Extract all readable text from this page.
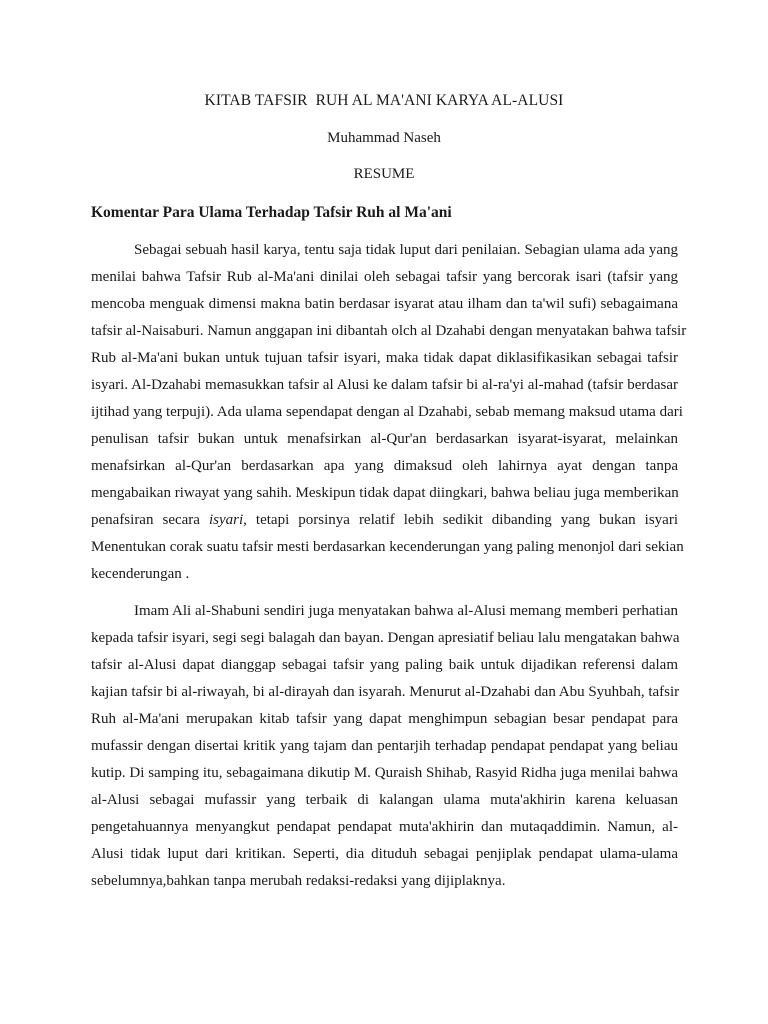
KITAB TAFSIR  RUH AL MA'ANI KARYA AL-ALUSI
Muhammad Naseh
RESUME
Komentar Para Ulama Terhadap Tafsir Ruh al Ma'ani
Sebagai sebuah hasil karya, tentu saja tidak luput dari penilaian. Sebagian ulama ada yang
menilai bahwa Tafsir Rub al-Ma'ani dinilai oleh sebagai tafsir yang bercorak isari (tafsir yang
mencoba menguak dimensi makna batin berdasar isyarat atau ilham dan ta'wil sufi) sebagaimana
tafsir al-Naisaburi. Namun anggapan ini dibantah olch al Dzahabi dengan menyatakan bahwa tafsir
Rub al-Ma'ani bukan untuk tujuan tafsir isyari, maka tidak dapat diklasifikasikan sebagai tafsir
isyari. Al-Dzahabi memasukkan tafsir al Alusi ke dalam tafsir bi al-ra'yi al-mahad (tafsir berdasar
ijtihad yang terpuji). Ada ulama sependapat dengan al Dzahabi, sebab memang maksud utama dari
penulisan tafsir bukan untuk menafsirkan al-Qur'an berdasarkan isyarat-isyarat, melainkan
menafsirkan al-Qur'an berdasarkan apa yang dimaksud oleh lahirnya ayat dengan tanpa
mengabaikan riwayat yang sahih. Meskipun tidak dapat diingkari, bahwa beliau juga memberikan
penafsiran secara isyari, tetapi porsinya relatif lebih sedikit dibanding yang bukan isyari
Menentukan corak suatu tafsir mesti berdasarkan kecenderungan yang paling menonjol dari sekian
kecenderungan .
Imam Ali al-Shabuni sendiri juga menyatakan bahwa al-Alusi memang memberi perhatian
kepada tafsir isyari, segi segi balagah dan bayan. Dengan apresiatif beliau lalu mengatakan bahwa
tafsir al-Alusi dapat dianggap sebagai tafsir yang paling baik untuk dijadikan referensi dalam
kajian tafsir bi al-riwayah, bi al-dirayah dan isyarah. Menurut al-Dzahabi dan Abu Syuhbah, tafsir
Ruh al-Ma'ani merupakan kitab tafsir yang dapat menghimpun sebagian besar pendapat para
mufassir dengan disertai kritik yang tajam dan pentarjih terhadap pendapat pendapat yang beliau
kutip. Di samping itu, sebagaimana dikutip M. Quraish Shihab, Rasyid Ridha juga menilai bahwa
al-Alusi sebagai mufassir yang terbaik di kalangan ulama muta'akhirin karena keluasan
pengetahuannya menyangkut pendapat pendapat muta'akhirin dan mutaqaddimin. Namun, al-
Alusi tidak luput dari kritikan. Seperti, dia dituduh sebagai penjiplak pendapat ulama-ulama
sebelumnya,bahkan tanpa merubah redaksi-redaksi yang dijiplaknya.
